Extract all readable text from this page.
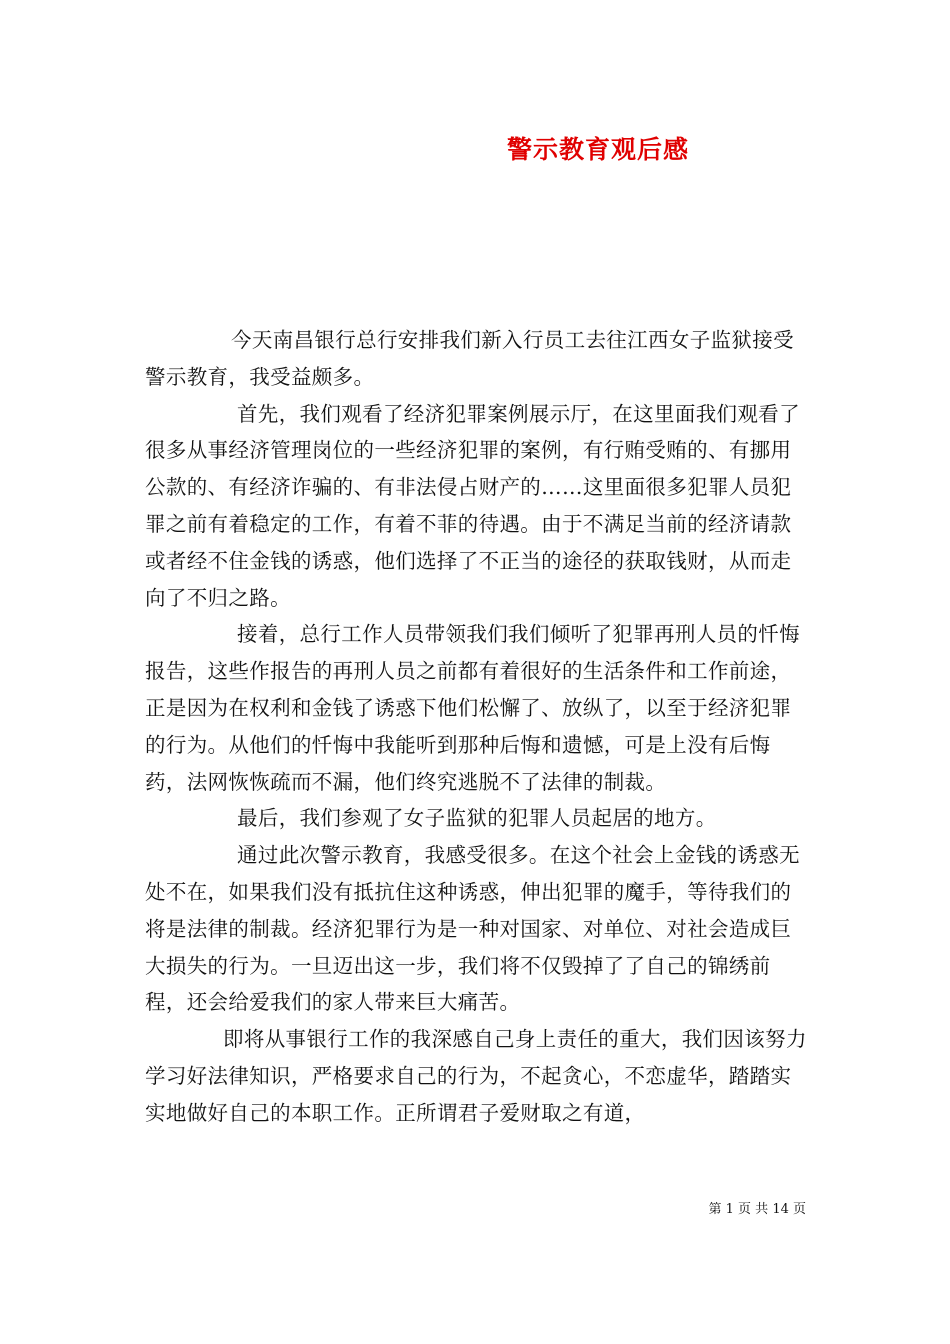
警示教育观后感

今天南昌银行总行安排我们新入行员工去往江西女子监狱接受警示教育，我受益颇多。

首先，我们观看了经济犯罪案例展示厅，在这里面我们观看了很多从事经济管理岗位的一些经济犯罪的案例，有行贿受贿的、有挪用公款的、有经济诈骗的、有非法侵占财产的……这里面很多犯罪人员犯罪之前有着稳定的工作，有着不菲的待遇。由于不满足当前的经济请款或者经不住金钱的诱惑，他们选择了不正当的途径的获取钱财，从而走向了不归之路。

接着，总行工作人员带领我们我们倾听了犯罪再刑人员的忏悔报告，这些作报告的再刑人员之前都有着很好的生活条件和工作前途，正是因为在权利和金钱了诱惑下他们松懈了、放纵了，以至于经济犯罪的行为。从他们的忏悔中我能听到那种后悔和遗憾，可是上没有后悔药，法网恢恢疏而不漏，他们终究逃脱不了法律的制裁。

最后，我们参观了女子监狱的犯罪人员起居的地方。

通过此次警示教育，我感受很多。在这个社会上金钱的诱惑无处不在，如果我们没有抵抗住这种诱惑，伸出犯罪的魔手，等待我们的将是法律的制裁。经济犯罪行为是一种对国家、对单位、对社会造成巨大损失的行为。一旦迈出这一步，我们将不仅毁掉了了自己的锦绣前程，还会给爱我们的家人带来巨大痛苦。

即将从事银行工作的我深感自己身上责任的重大，我们因该努力学习好法律知识，严格要求自己的行为，不起贪心，不恋虚华，踏踏实实地做好自己的本职工作。正所谓君子爱财取之有道，

第 1 页 共 14 页
